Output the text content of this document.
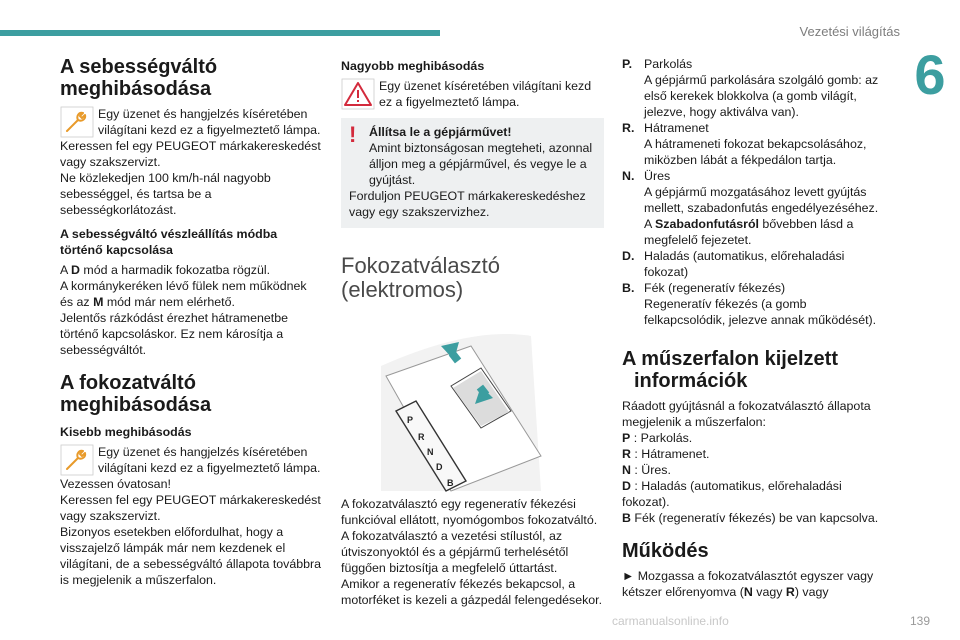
Vezetési világítás
6
A sebességváltó

meghibásodása
Egy üzenet és hangjelzés kíséretében világítani kezd ez a figyelmeztető lámpa.

Keressen fel egy PEUGEOT márkakereskedést vagy szakszervizt.

Ne közlekedjen 100 km/h-nál nagyobb sebességgel, és tartsa be a sebességkorlátozást.

A sebességváltó vészleállítás módba történő kapcsolása

A D mód a harmadik fokozatba rögzül.

A kormánykeréken lévő fülek nem működnek és az M mód már nem elérhető.

Jelentős rázkódást érezhet hátramenetbe történő kapcsoláskor. Ez nem károsítja a sebességváltót.

A fokozatváltó
meghibásodása
Kisebb meghibásodás
Egy üzenet és hangjelzés kíséretében világítani kezd ez a figyelmeztető lámpa.

Vezessen óvatosan!

Keressen fel egy PEUGEOT márkakereskedést vagy szakszervizt.

Bizonyos esetekben előfordulhat, hogy a visszajelző lámpák már nem kezdenek el világítani, de a sebességváltó állapota továbbra is megjelenik a műszerfalon.

Nagyobb meghibásodás
Egy üzenet kíséretében világítani kezd ez a figyelmeztető lámpa.
!	Állítsa le a gépjárművet!
Amint biztonságosan megteheti, azonnal álljon meg a gépjárművel, és vegye le a gyújtást.
Forduljon PEUGEOT márkakereskedéshez vagy egy szakszervizhez.
Fokozatválasztó
(elektromos)
P
R
N
D
B

A fokozatválasztó egy regeneratív fékezési funkcióval ellátott, nyomógombos fokozatváltó.

A fokozatválasztó a vezetési stílustól, az útviszonyoktól és a gépjármű terhelésétől függően biztosítja a megfelelő úttartást.

Amikor a regeneratív fékezés bekapcsol, a motorféket is kezeli a gázpedál felengedésekor.

P. Parkolás
A gépjármű parkolására szolgáló gomb: az első kerekek blokkolva (a gomb világít, jelezve, hogy aktiválva van).
R. Hátramenet
A hátrameneti fokozat bekapcsolásához, miközben lábát a fékpedálon tartja.
N. Üres
A gépjármű mozgatásához levett gyújtás mellett, szabadonfutás engedélyezéséhez. A Szabadonfutásról bővebben lásd a megfelelő fejezetet.
D. Haladás (automatikus, előrehaladási fokozat)
B. Fék (regeneratív fékezés)
Regeneratív fékezés (a gomb felkapcsolódik, jelezve annak működését).
A műszerfalon kijelzett
információk

Ráadott gyújtásnál a fokozatválasztó állapota megjelenik a műszerfalon:

P : Parkolás.

R : Hátramenet.

N : Üres.

D : Haladás (automatikus, előrehaladási fokozat).

B Fék (regeneratív fékezés) be van kapcsolva.

Működés

► Mozgassa a fokozatválasztót egyszer vagy kétszer előrenyomva (N vagy R) vagy

carmanualsonline.info	139
